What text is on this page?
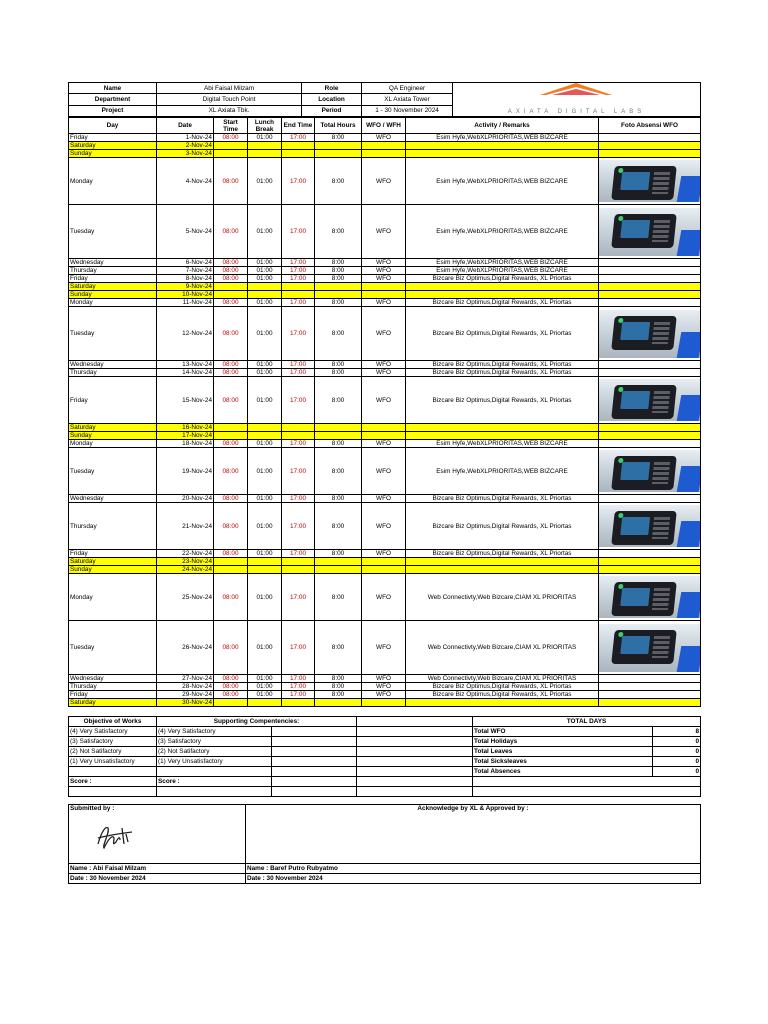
Name	Abi Faisal Milzam	Role	QA Engineer	AXIATA DIGITAL LABS

Department	Digital Touch Point	Location	XL Axiata Tower	
Project	XL Axiata Tbk.	Period	1 - 30 November 2024	
Day	Date	Start Time	Lunch Break	End Time	Total Hours	WFO / WFH	Activity / Remarks	Foto Absensi WFO
Friday	1-Nov-24	08:00	01:00	17:00	8:00	WFO	Esim Hyfe,WebXLPRIORITAS,WEB BIZCARE	
Saturday	2-Nov-24							
Sunday	3-Nov-24							
Monday	4-Nov-24	08:00	01:00	17:00	8:00	WFO	Esim Hyfe,WebXLPRIORITAS,WEB BIZCARE	

Tuesday	5-Nov-24	08:00	01:00	17:00	8:00	WFO	Esim Hyfe,WebXLPRIORITAS,WEB BIZCARE	

Wednesday	6-Nov-24	08:00	01:00	17:00	8:00	WFO	Esim Hyfe,WebXLPRIORITAS,WEB BIZCARE	
Thursday	7-Nov-24	08:00	01:00	17:00	8:00	WFO	Esim Hyfe,WebXLPRIORITAS,WEB BIZCARE	
Friday	8-Nov-24	08:00	01:00	17:00	8:00	WFO	Bizcare Biz Optimus,Digital Rewards, XL Priortas	
Saturday	9-Nov-24							
Sunday	10-Nov-24							
Monday	11-Nov-24	08:00	01:00	17:00	8:00	WFO	Bizcare Biz Optimus,Digital Rewards, XL Priortas	
Tuesday	12-Nov-24	08:00	01:00	17:00	8:00	WFO	Bizcare Biz Optimus,Digital Rewards, XL Priortas	

Wednesday	13-Nov-24	08:00	01:00	17:00	8:00	WFO	Bizcare Biz Optimus,Digital Rewards, XL Priortas	
Thursday	14-Nov-24	08:00	01:00	17:00	8:00	WFO	Bizcare Biz Optimus,Digital Rewards, XL Priortas	
Friday	15-Nov-24	08:00	01:00	17:00	8:00	WFO	Bizcare Biz Optimus,Digital Rewards, XL Priortas	

Saturday	16-Nov-24							
Sunday	17-Nov-24							
Monday	18-Nov-24	08:00	01:00	17:00	8:00	WFO	Esim Hyfe,WebXLPRIORITAS,WEB BIZCARE	
Tuesday	19-Nov-24	08:00	01:00	17:00	8:00	WFO	Esim Hyfe,WebXLPRIORITAS,WEB BIZCARE	

Wednesday	20-Nov-24	08:00	01:00	17:00	8:00	WFO	Bizcare Biz Optimus,Digital Rewards, XL Priortas	
Thursday	21-Nov-24	08:00	01:00	17:00	8:00	WFO	Bizcare Biz Optimus,Digital Rewards, XL Priortas	

Friday	22-Nov-24	08:00	01:00	17:00	8:00	WFO	Bizcare Biz Optimus,Digital Rewards, XL Priortas	
Saturday	23-Nov-24							
Sunday	24-Nov-24							
Monday	25-Nov-24	08:00	01:00	17:00	8:00	WFO	Web Connectivty,Web Bizcare,CIAM XL PRIORITAS	

Tuesday	26-Nov-24	08:00	01:00	17:00	8:00	WFO	Web Connectivty,Web Bizcare,CIAM XL PRIORITAS	

Wednesday	27-Nov-24	08:00	01:00	17:00	8:00	WFO	Web Connectivty,Web Bizcare,CIAM XL PRIORITAS	
Thursday	28-Nov-24	08:00	01:00	17:00	8:00	WFO	Bizcare Biz Optimus,Digital Rewards, XL Priortas	
Friday	29-Nov-24	08:00	01:00	17:00	8:00	WFO	Bizcare Biz Optimus,Digital Rewards, XL Priortas	
Saturday	30-Nov-24							
Objective of Works	Supporting Compentencies:			TOTAL DAYS	
(4) Very Satisfactory	(4) Very Satisfactory			Total WFO	8
(3) Satisfactory	(3) Satisfactory			Total Holidays	0
(2) Not Satifactory	(2) Not Satifactory			Total Leaves	0
(1) Very Unsatisfactory	(1) Very Unsatisfactory			Total Sicksleaves	0
				Total Absences	0
Score :	Score :				

Submitted by :	Acknowledge by XL & Approved by :
Name : Abi Faisal Milzam	Name : Baref Putro Rubyatmo
Date : 30 November 2024	Date : 30 November 2024
